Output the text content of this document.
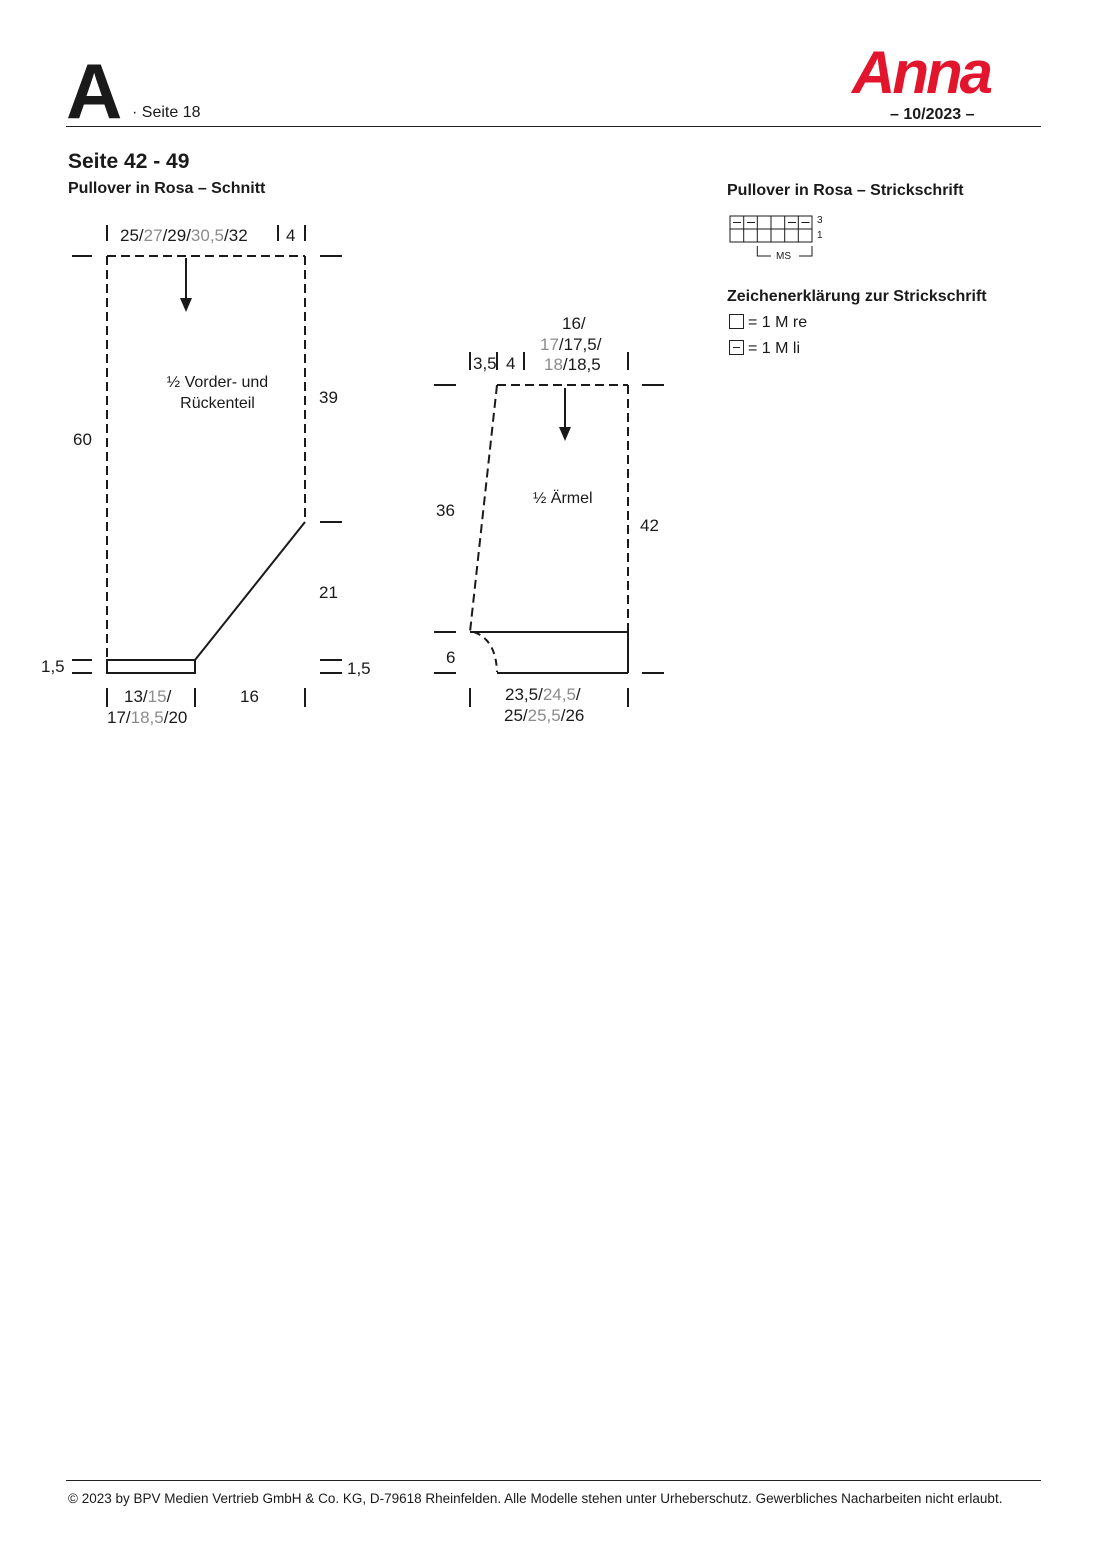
A · Seite 18
Anna
– 10/2023 –
Seite 42 - 49
Pullover in Rosa – Schnitt
25/27/29/30,5/32 4
½ Vorder- und
Rückenteil
60
39
21
1,5	1,5
13/15/
17/18,5/20
16
16/
17/17,5/
18/18,5
3,5 4
½ Ärmel
36
42
6
23,5/24,5/
25/25,5/26
Pullover in Rosa – Strickschrift
3
1
MS
Zeichenerklärung zur Strickschrift
= 1 M re
= 1 M li
© 2023 by BPV Medien Vertrieb GmbH & Co. KG, D-79618 Rheinfelden. Alle Modelle stehen unter Urheberschutz. Gewerbliches Nacharbeiten nicht erlaubt.
